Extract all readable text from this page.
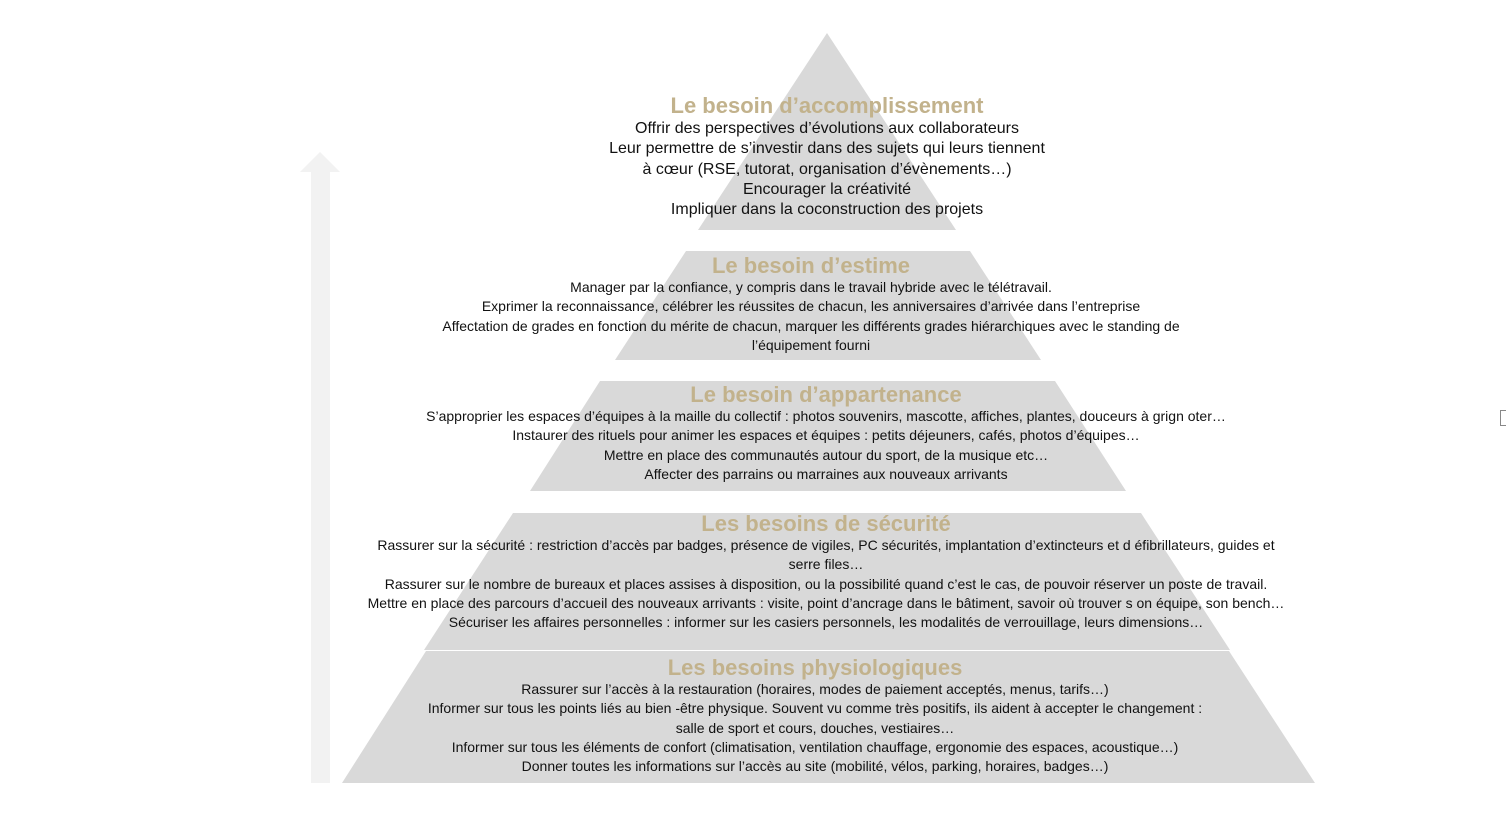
Le besoin d’accomplissement
Offrir des perspectives d’évolutions aux collaborateurs
Leur permettre de s’investir dans des sujets qui leurs tiennent
à cœur (RSE, tutorat, organisation d’évènements…)
Encourager la créativité
Impliquer dans la coconstruction des projets
Le besoin d’estime
Manager par la confiance, y compris dans le travail hybride avec le télétravail.
Exprimer la reconnaissance, célébrer les réussites de chacun, les anniversaires d’arrivée dans l’entreprise
Affectation de grades en fonction du mérite de chacun, marquer les différents grades hiérarchiques avec le standing de
l’équipement fourni
Le besoin d’appartenance
S’approprier les espaces d’équipes à la maille du collectif : photos souvenirs, mascotte, affiches, plantes, douceurs à grign oter…
Instaurer des rituels pour animer les espaces et équipes : petits déjeuners, cafés, photos d’équipes…
Mettre en place des communautés autour du sport, de la musique etc…
Affecter des parrains ou marraines aux nouveaux arrivants
Les besoins de sécurité
Rassurer sur la sécurité : restriction d’accès par badges, présence de vigiles, PC sécurités, implantation d’extincteurs et d éfibrillateurs, guides et
serre files…
Rassurer sur le nombre de bureaux et places assises à disposition, ou la possibilité quand c’est le cas, de pouvoir réserver un poste de travail.
Mettre en place des parcours d’accueil des nouveaux arrivants : visite, point d’ancrage dans le bâtiment, savoir où trouver s on équipe, son bench…
Sécuriser les affaires personnelles : informer sur les casiers personnels, les modalités de verrouillage, leurs dimensions…
Les besoins physiologiques
Rassurer sur l’accès à la restauration (horaires, modes de paiement acceptés, menus, tarifs…)
Informer sur tous les points liés au bien -être physique. Souvent vu comme très positifs, ils aident à accepter le changement :
salle de sport et cours, douches, vestiaires…
Informer sur tous les éléments de confort (climatisation, ventilation chauffage, ergonomie des espaces, acoustique…)
Donner toutes les informations sur l’accès au site (mobilité, vélos, parking, horaires, badges…)
